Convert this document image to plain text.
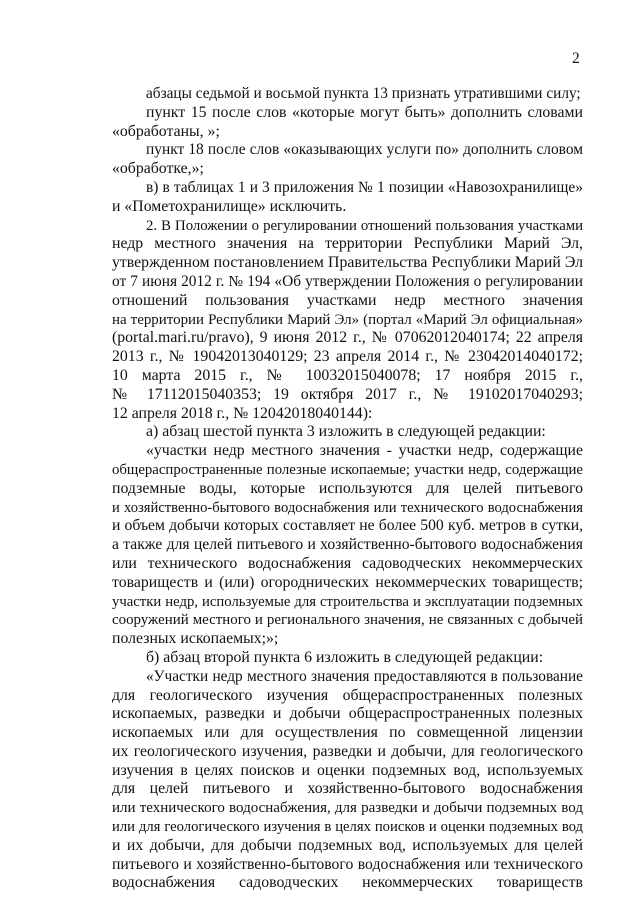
2
абзацы седьмой и восьмой пункта 13 признать утратившими силу;
пункт 15 после слов «которые могут быть» дополнить словами
«обработаны, »;
пункт 18 после слов «оказывающих услуги по» дополнить словом
«обработке,»;
в) в таблицах 1 и 3 приложения № 1 позиции «Навозохранилище»
и «Пометохранилище» исключить.
2. В Положении о регулировании отношений пользования участками
недр местного значения на территории Республики Марий Эл,
утвержденном постановлением Правительства Республики Марий Эл
от 7 июня 2012 г. № 194 «Об утверждении Положения о регулировании
отношений пользования участками недр местного значения
на территории Республики Марий Эл» (портал «Марий Эл официальная»
(portal.mari.ru/pravo), 9 июня 2012 г., № 07062012040174; 22 апреля
2013 г., № 19042013040129; 23 апреля 2014 г., № 23042014040172;
10 марта 2015 г., № 10032015040078; 17 ноября 2015 г.,
№ 17112015040353; 19 октября 2017 г., № 19102017040293;
12 апреля 2018 г., № 12042018040144):
а) абзац шестой пункта 3 изложить в следующей редакции:
«участки недр местного значения - участки недр, содержащие
общераспространенные полезные ископаемые; участки недр, содержащие
подземные воды, которые используются для целей питьевого
и хозяйственно-бытового водоснабжения или технического водоснабжения
и объем добычи которых составляет не более 500 куб. метров в сутки,
а также для целей питьевого и хозяйственно-бытового водоснабжения
или технического водоснабжения садоводческих некоммерческих
товариществ и (или) огороднических некоммерческих товариществ;
участки недр, используемые для строительства и эксплуатации подземных
сооружений местного и регионального значения, не связанных с добычей
полезных ископаемых;»;
б) абзац второй пункта 6 изложить в следующей редакции:
«Участки недр местного значения предоставляются в пользование
для геологического изучения общераспространенных полезных
ископаемых, разведки и добычи общераспространенных полезных
ископаемых или для осуществления по совмещенной лицензии
их геологического изучения, разведки и добычи, для геологического
изучения в целях поисков и оценки подземных вод, используемых
для целей питьевого и хозяйственно-бытового водоснабжения
или технического водоснабжения, для разведки и добычи подземных вод
или для геологического изучения в целях поисков и оценки подземных вод
и их добычи, для добычи подземных вод, используемых для целей
питьевого и хозяйственно-бытового водоснабжения или технического
водоснабжения садоводческих некоммерческих товариществ
